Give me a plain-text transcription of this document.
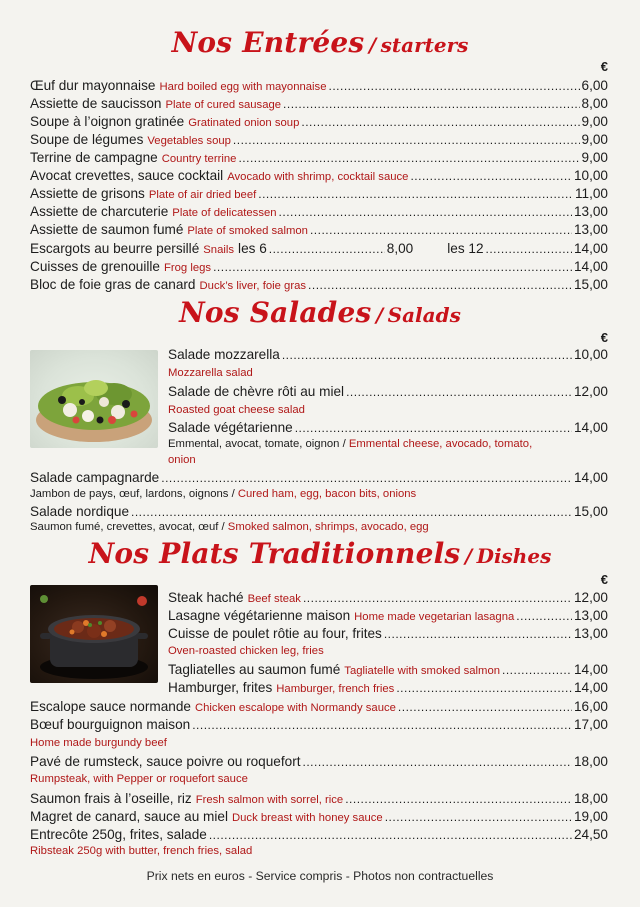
Nos Entrées / starters
€
Œuf dur mayonnaise Hard boiled egg with mayonnaise .....	6,00
Assiette de saucisson Plate of cured sausage .....	8,00
Soupe à l’oignon gratinée Gratinated onion soup .....	9,00
Soupe de légumes Vegetables soup .....	9,00
Terrine de campagne Country terrine .....	9,00
Avocat crevettes, sauce cocktail Avocado with shrimp, cocktail sauce .....	10,00
Assiette de grisons Plate of air dried beef .....	11,00
Assiette de charcuterie Plate of delicatessen .....	13,00
Assiette de saumon fumé Plate of smoked salmon .....	13,00
Escargots au beurre persillé Snails les 6 .....	8,00	les 12 .....	14,00
Cuisses de grenouille Frog legs .....	14,00
Bloc de foie gras de canard Duck’s liver, foie gras .....	15,00
Nos Salades / Salads
€
Salade mozzarella .....	10,00
Mozzarella salad
Salade de chèvre rôti au miel .....	12,00
Roasted goat cheese salad
Salade végétarienne .....	14,00
Emmental, avocat, tomate, oignon / Emmental cheese, avocado, tomato,
onion
Salade campagnarde .....	14,00
Jambon de pays, œuf, lardons, oignons / Cured ham, egg, bacon bits, onions
Salade nordique .....	15,00
Saumon fumé, crevettes, avocat, œuf / Smoked salmon, shrimps, avocado, egg
Nos Plats Traditionnels / Dishes
€
Steak haché Beef steak .....	12,00
Lasagne végétarienne maison Home made vegetarian lasagna .....	13,00
Cuisse de poulet rôtie au four, frites .....	13,00
Oven-roasted chicken leg, fries
Tagliatelles au saumon fumé Tagliatelle with smoked salmon .....	14,00
Hamburger, frites Hamburger, french fries .....	14,00
Escalope sauce normande Chicken escalope with Normandy sauce .....	16,00
Bœuf bourguignon maison .....	17,00
Home made burgundy beef
Pavé de rumsteck, sauce poivre ou roquefort .....	18,00
Rumpsteak, with Pepper or roquefort sauce
Saumon frais à l’oseille, riz Fresh salmon with sorrel, rice .....	18,00
Magret de canard, sauce au miel Duck breast with honey sauce .....	19,00
Entrecôte 250g, frites, salade .....	24,50
Ribsteak 250g with butter, french fries, salad
Prix nets en euros - Service compris - Photos non contractuelles
